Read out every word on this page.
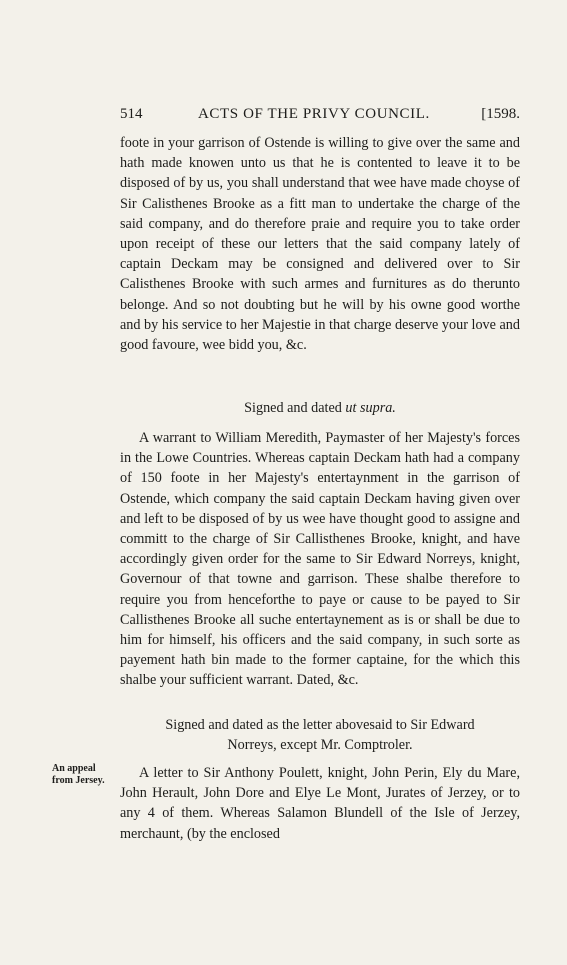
514	ACTS OF THE PRIVY COUNCIL.	[1598.

foote in your garrison of Ostende is willing to give over the same and hath made knowen unto us that he is contented to leave it to be disposed of by us, you shall understand that wee have made choyse of Sir Calisthenes Brooke as a fitt man to undertake the charge of the said company, and do therefore praie and require you to take order upon receipt of these our letters that the said company lately of captain Deckam may be consigned and delivered over to Sir Calisthenes Brooke with such armes and furnitures as do therunto belonge. And so not doubting but he will by his owne good worthe and by his service to her Majestie in that charge deserve your love and good favoure, wee bidd you, &c.

Signed and dated ut supra.

A warrant to William Meredith, Paymaster of her Majesty's forces in the Lowe Countries. Whereas captain Deckam hath had a company of 150 foote in her Majesty's entertaynment in the garrison of Ostende, which company the said captain Deckam having given over and left to be disposed of by us wee have thought good to assigne and committ to the charge of Sir Callisthenes Brooke, knight, and have accordingly given order for the same to Sir Edward Norreys, knight, Governour of that towne and garrison. These shalbe therefore to require you from henceforthe to paye or cause to be payed to Sir Callisthenes Brooke all suche entertaynement as is or shall be due to him for himself, his officers and the said company, in such sorte as payement hath bin made to the former captaine, for the which this shalbe your sufficient warrant. Dated, &c.

Signed and dated as the letter abovesaid to Sir Edward Norreys, except Mr. Comptroler.

An appeal from Jersey.	A letter to Sir Anthony Poulett, knight, John Perin, Ely du Mare, John Herault, John Dore and Elye Le Mont, Jurates of Jerzey, or to any 4 of them. Whereas Salamon Blundell of the Isle of Jerzey, merchaunt, (by the enclosed
